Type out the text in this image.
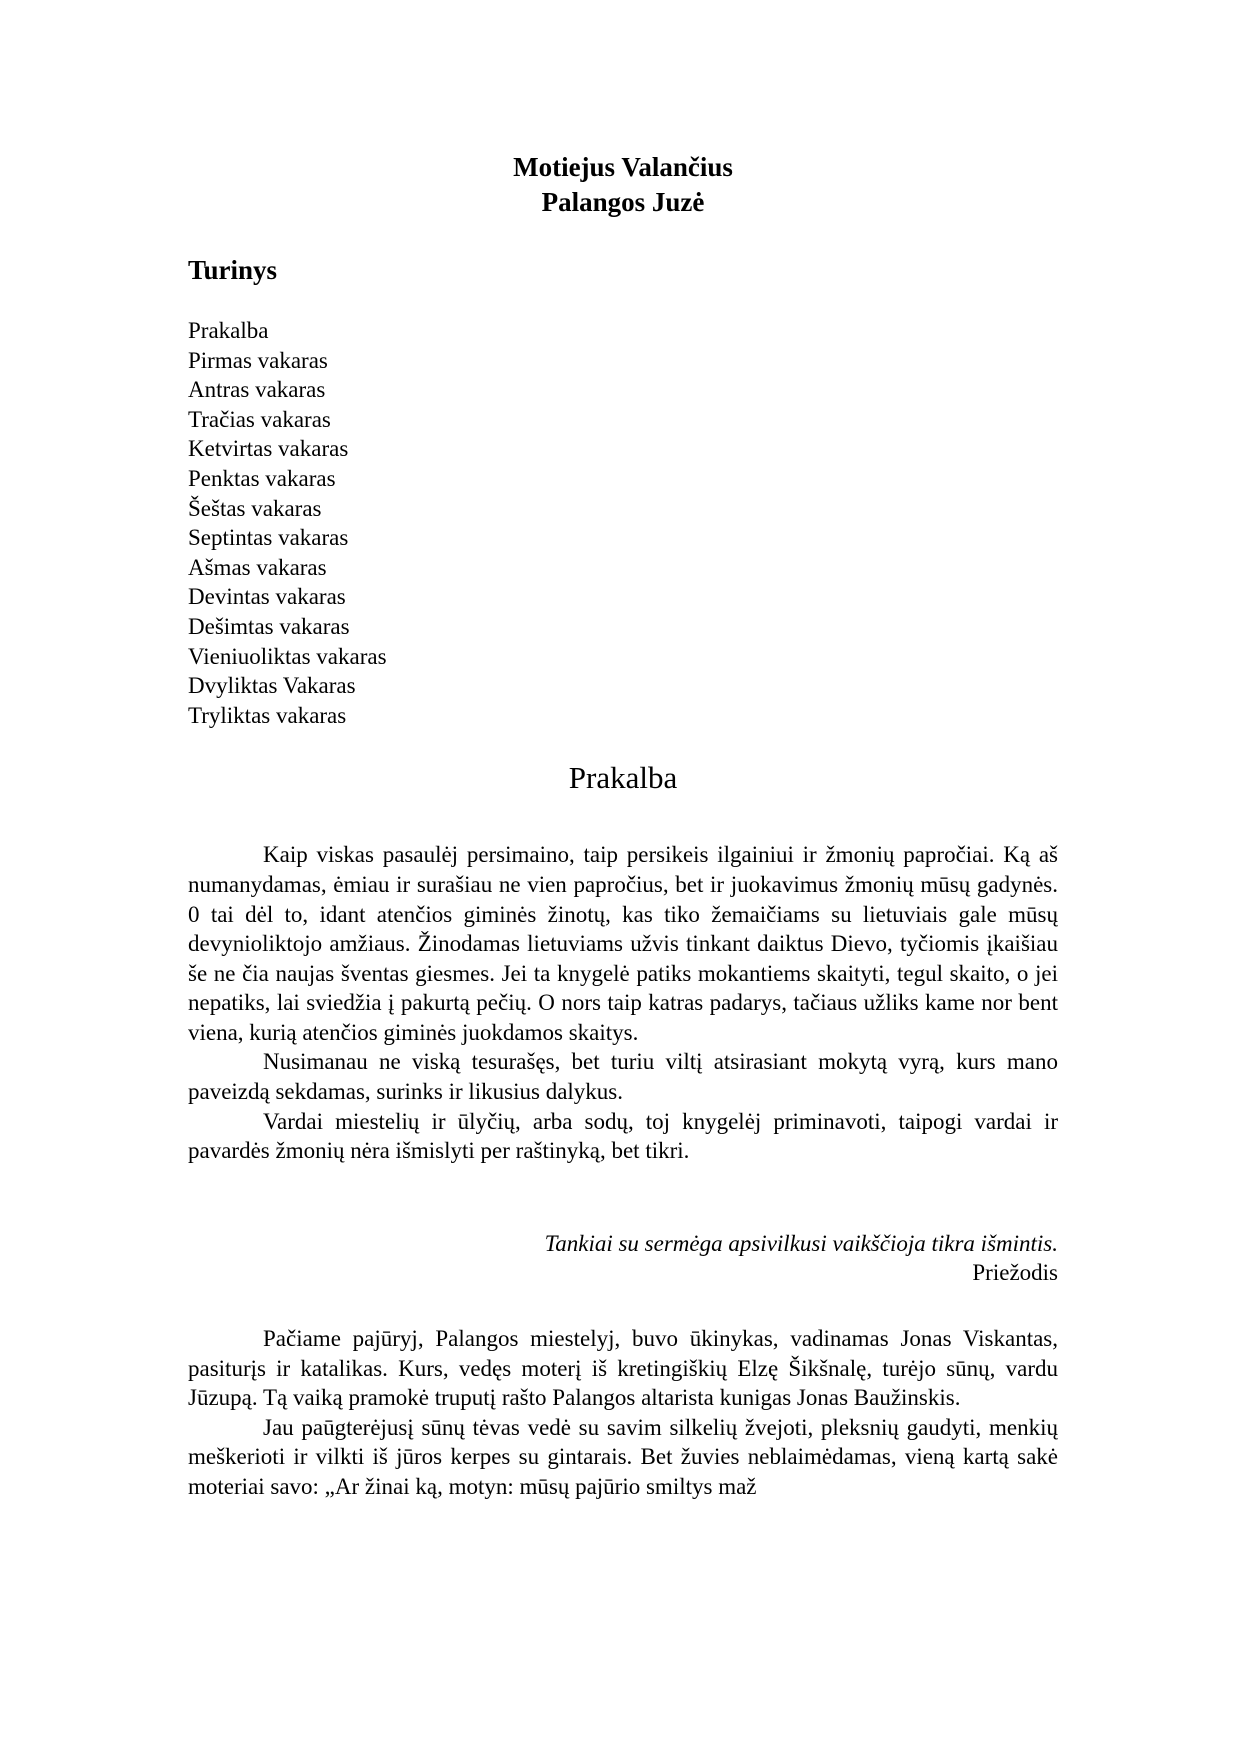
Motiejus Valančius
Palangos Juzė
Turinys
Prakalba
Pirmas vakaras
Antras vakaras
Tračias vakaras
Ketvirtas vakaras
Penktas vakaras
Šeštas vakaras
Septintas vakaras
Ašmas vakaras
Devintas vakaras
Dešimtas vakaras
Vieniuoliktas vakaras
Dvyliktas Vakaras
Tryliktas vakaras
Prakalba

Kaip viskas pasaulėj persimaino, taip persikeis ilgainiui ir žmonių papročiai. Ką aš numanydamas, ėmiau ir surašiau ne vien papročius, bet ir juokavimus žmonių mūsų gadynės. 0 tai dėl to, idant atenčios giminės žinotų, kas tiko žemaičiams su lietuviais gale mūsų devynioliktojo amžiaus. Žinodamas lietuviams užvis tinkant daiktus Dievo, tyčiomis įkaišiau še ne čia naujas šventas giesmes. Jei ta knygelė patiks mokantiems skaityti, tegul skaito, o jei nepatiks, lai sviedžia į pakurtą pečių. O nors taip katras padarys, tačiaus užliks kame nor bent viena, kurią atenčios giminės juokdamos skaitys.

Nusimanau ne viską tesurašęs, bet turiu viltį atsirasiant mokytą vyrą, kurs mano paveizdą sekdamas, surinks ir likusius dalykus.

Vardai miestelių ir ūlyčių, arba sodų, toj knygelėj priminavoti, taipogi vardai ir pavardės žmonių nėra išmislyti per raštinyką, bet tikri.

Tankiai su sermėga apsivilkusi vaikščioja tikra išmintis.
Priežodis

Pačiame pajūryj, Palangos miestelyj, buvo ūkinykas, vadinamas Jonas Viskantas, pasiturįs ir katalikas. Kurs, vedęs moterį iš kretingiškių Elzę Šikšnalę, turėjo sūnų, vardu Jūzupą. Tą vaiką pramokė truputį rašto Palangos altarista kunigas Jonas Baužinskis.

Jau paūgterėjusį sūnų tėvas vedė su savim silkelių žvejoti, pleksnių gaudyti, menkių meškerioti ir vilkti iš jūros kerpes su gintarais. Bet žuvies neblaimėdamas, vieną kartą sakė moteriai savo: „Ar žinai ką, motyn: mūsų pajūrio smiltys maž
